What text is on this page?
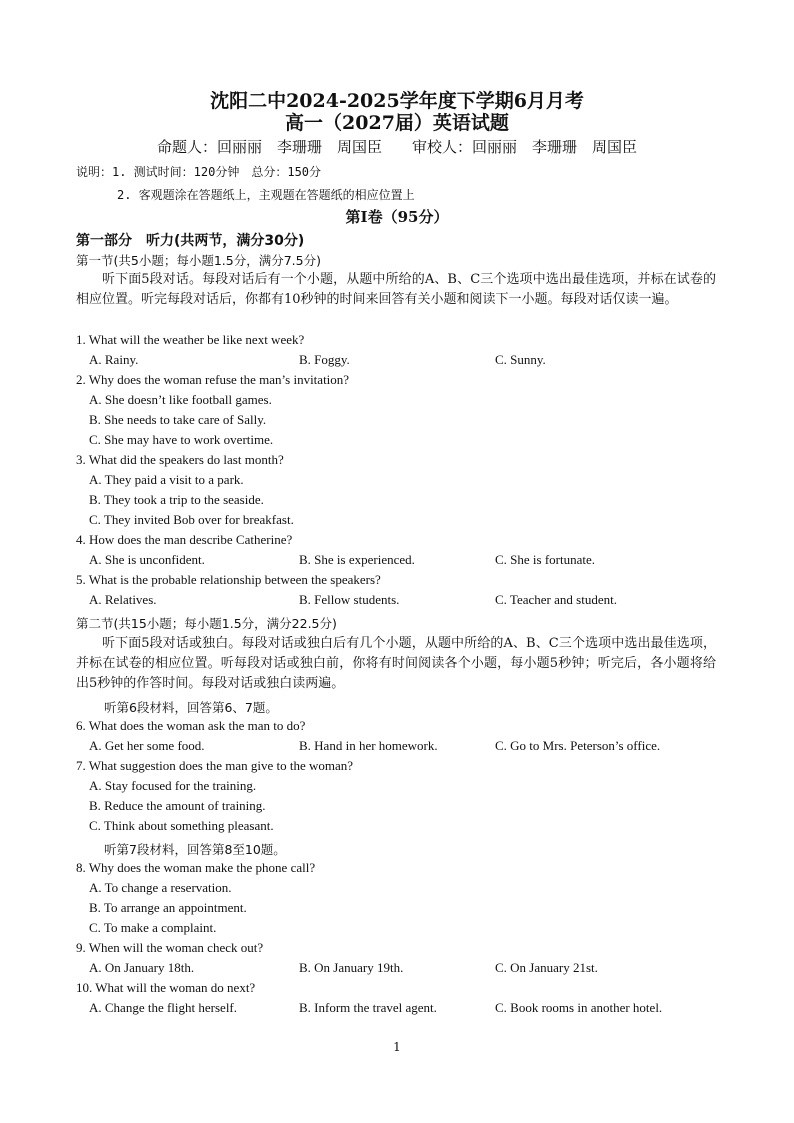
沈阳二中2024-2025学年度下学期6月月考
高一（2027届）英语试题
命题人：回丽丽　李珊珊　周国臣　　审校人：回丽丽　李珊珊　周国臣
说明：1. 测试时间：120分钟　总分：150分
2. 客观题涂在答题纸上，主观题在答题纸的相应位置上
第I卷（95分）
第一部分　听力(共两节，满分30分)
第一节(共5小题；每小题1.5分，满分7.5分)
听下面5段对话。每段对话后有一个小题，从题中所给的A、B、C三个选项中选出最佳选项，并标在试卷的相应位置。听完每段对话后，你都有10秒钟的时间来回答有关小题和阅读下一小题。每段对话仅读一遍。
1. What will the weather be like next week?
A. Rainy.	B. Foggy.	C. Sunny.
2. Why does the woman refuse the man’s invitation?
A. She doesn’t like football games.
B. She needs to take care of Sally.
C. She may have to work overtime.
3. What did the speakers do last month?
A. They paid a visit to a park.
B. They took a trip to the seaside.
C. They invited Bob over for breakfast.
4. How does the man describe Catherine?
A. She is unconfident.	B. She is experienced.	C. She is fortunate.
5. What is the probable relationship between the speakers?
A. Relatives.	B. Fellow students.	C. Teacher and student.
第二节(共15小题；每小题1.5分，满分22.5分)
听下面5段对话或独白。每段对话或独白后有几个小题，从题中所给的A、B、C三个选项中选出最佳选项，并标在试卷的相应位置。听每段对话或独白前，你将有时间阅读各个小题，每小题5秒钟；听完后，各小题将给出5秒钟的作答时间。每段对话或独白读两遍。
听第6段材料，回答第6、7题。
6. What does the woman ask the man to do?
A. Get her some food.	B. Hand in her homework.	C. Go to Mrs. Peterson’s office.
7. What suggestion does the man give to the woman?
A. Stay focused for the training.
B. Reduce the amount of training.
C. Think about something pleasant.
听第7段材料，回答第8至10题。
8. Why does the woman make the phone call?
A. To change a reservation.
B. To arrange an appointment.
C. To make a complaint.
9. When will the woman check out?
A. On January 18th.	B. On January 19th.	C. On January 21st.
10. What will the woman do next?
A. Change the flight herself.	B. Inform the travel agent.	C. Book rooms in another hotel.
1
